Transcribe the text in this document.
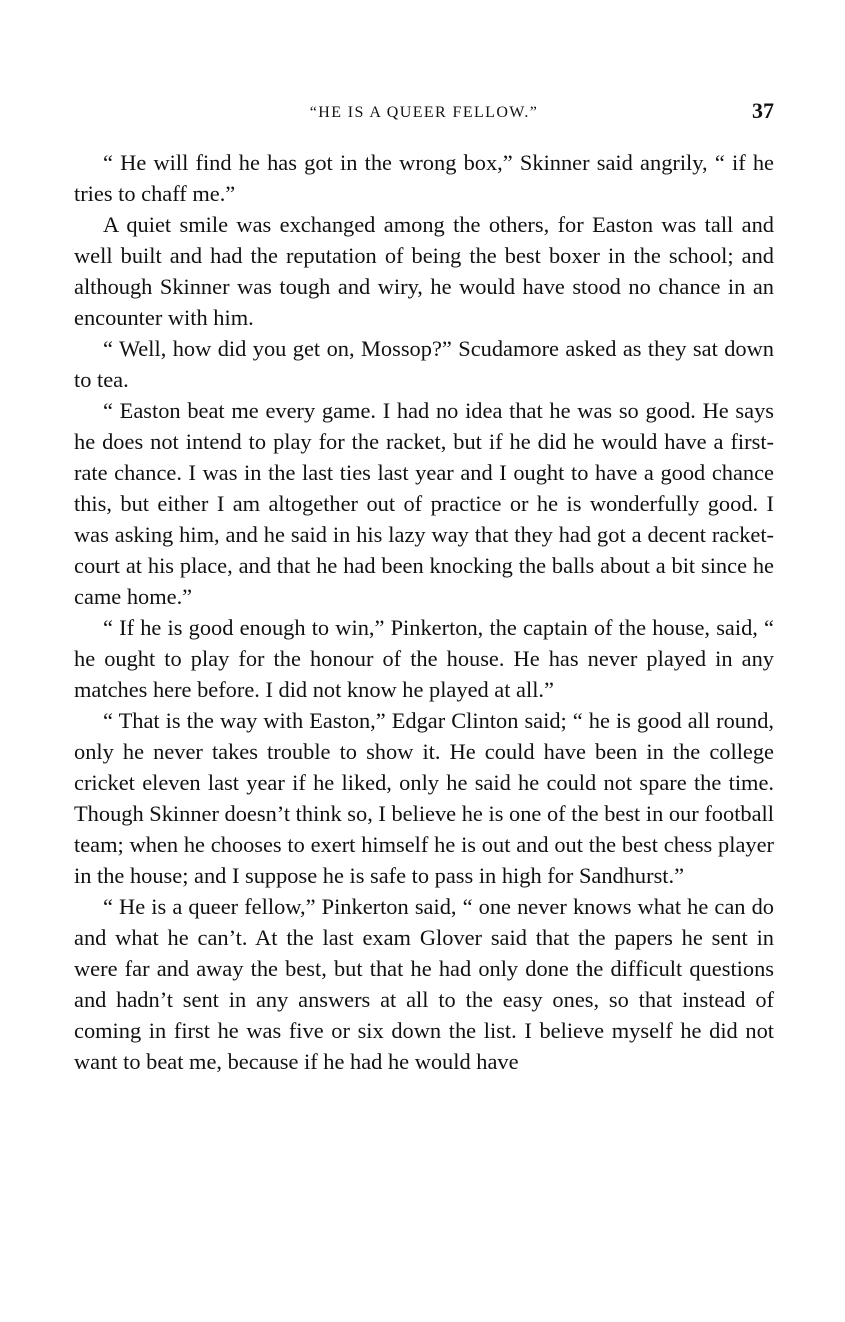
“HE IS A QUEER FELLOW.”	37

“ He will find he has got in the wrong box,” Skinner said angrily, “ if he tries to chaff me.”

A quiet smile was exchanged among the others, for Easton was tall and well built and had the reputation of being the best boxer in the school; and although Skinner was tough and wiry, he would have stood no chance in an encounter with him.

“ Well, how did you get on, Mossop?” Scudamore asked as they sat down to tea.

“ Easton beat me every game. I had no idea that he was so good. He says he does not intend to play for the racket, but if he did he would have a first-rate chance. I was in the last ties last year and I ought to have a good chance this, but either I am altogether out of practice or he is wonderfully good. I was asking him, and he said in his lazy way that they had got a decent racket-court at his place, and that he had been knocking the balls about a bit since he came home.”

“ If he is good enough to win,” Pinkerton, the captain of the house, said, “ he ought to play for the honour of the house. He has never played in any matches here before. I did not know he played at all.”

“ That is the way with Easton,” Edgar Clinton said; “ he is good all round, only he never takes trouble to show it. He could have been in the college cricket eleven last year if he liked, only he said he could not spare the time. Though Skinner doesn’t think so, I believe he is one of the best in our football team; when he chooses to exert himself he is out and out the best chess player in the house; and I suppose he is safe to pass in high for Sandhurst.”

“ He is a queer fellow,” Pinkerton said, “ one never knows what he can do and what he can’t. At the last exam Glover said that the papers he sent in were far and away the best, but that he had only done the difficult questions and hadn’t sent in any answers at all to the easy ones, so that instead of coming in first he was five or six down the list. I believe myself he did not want to beat me, because if he had he would have
